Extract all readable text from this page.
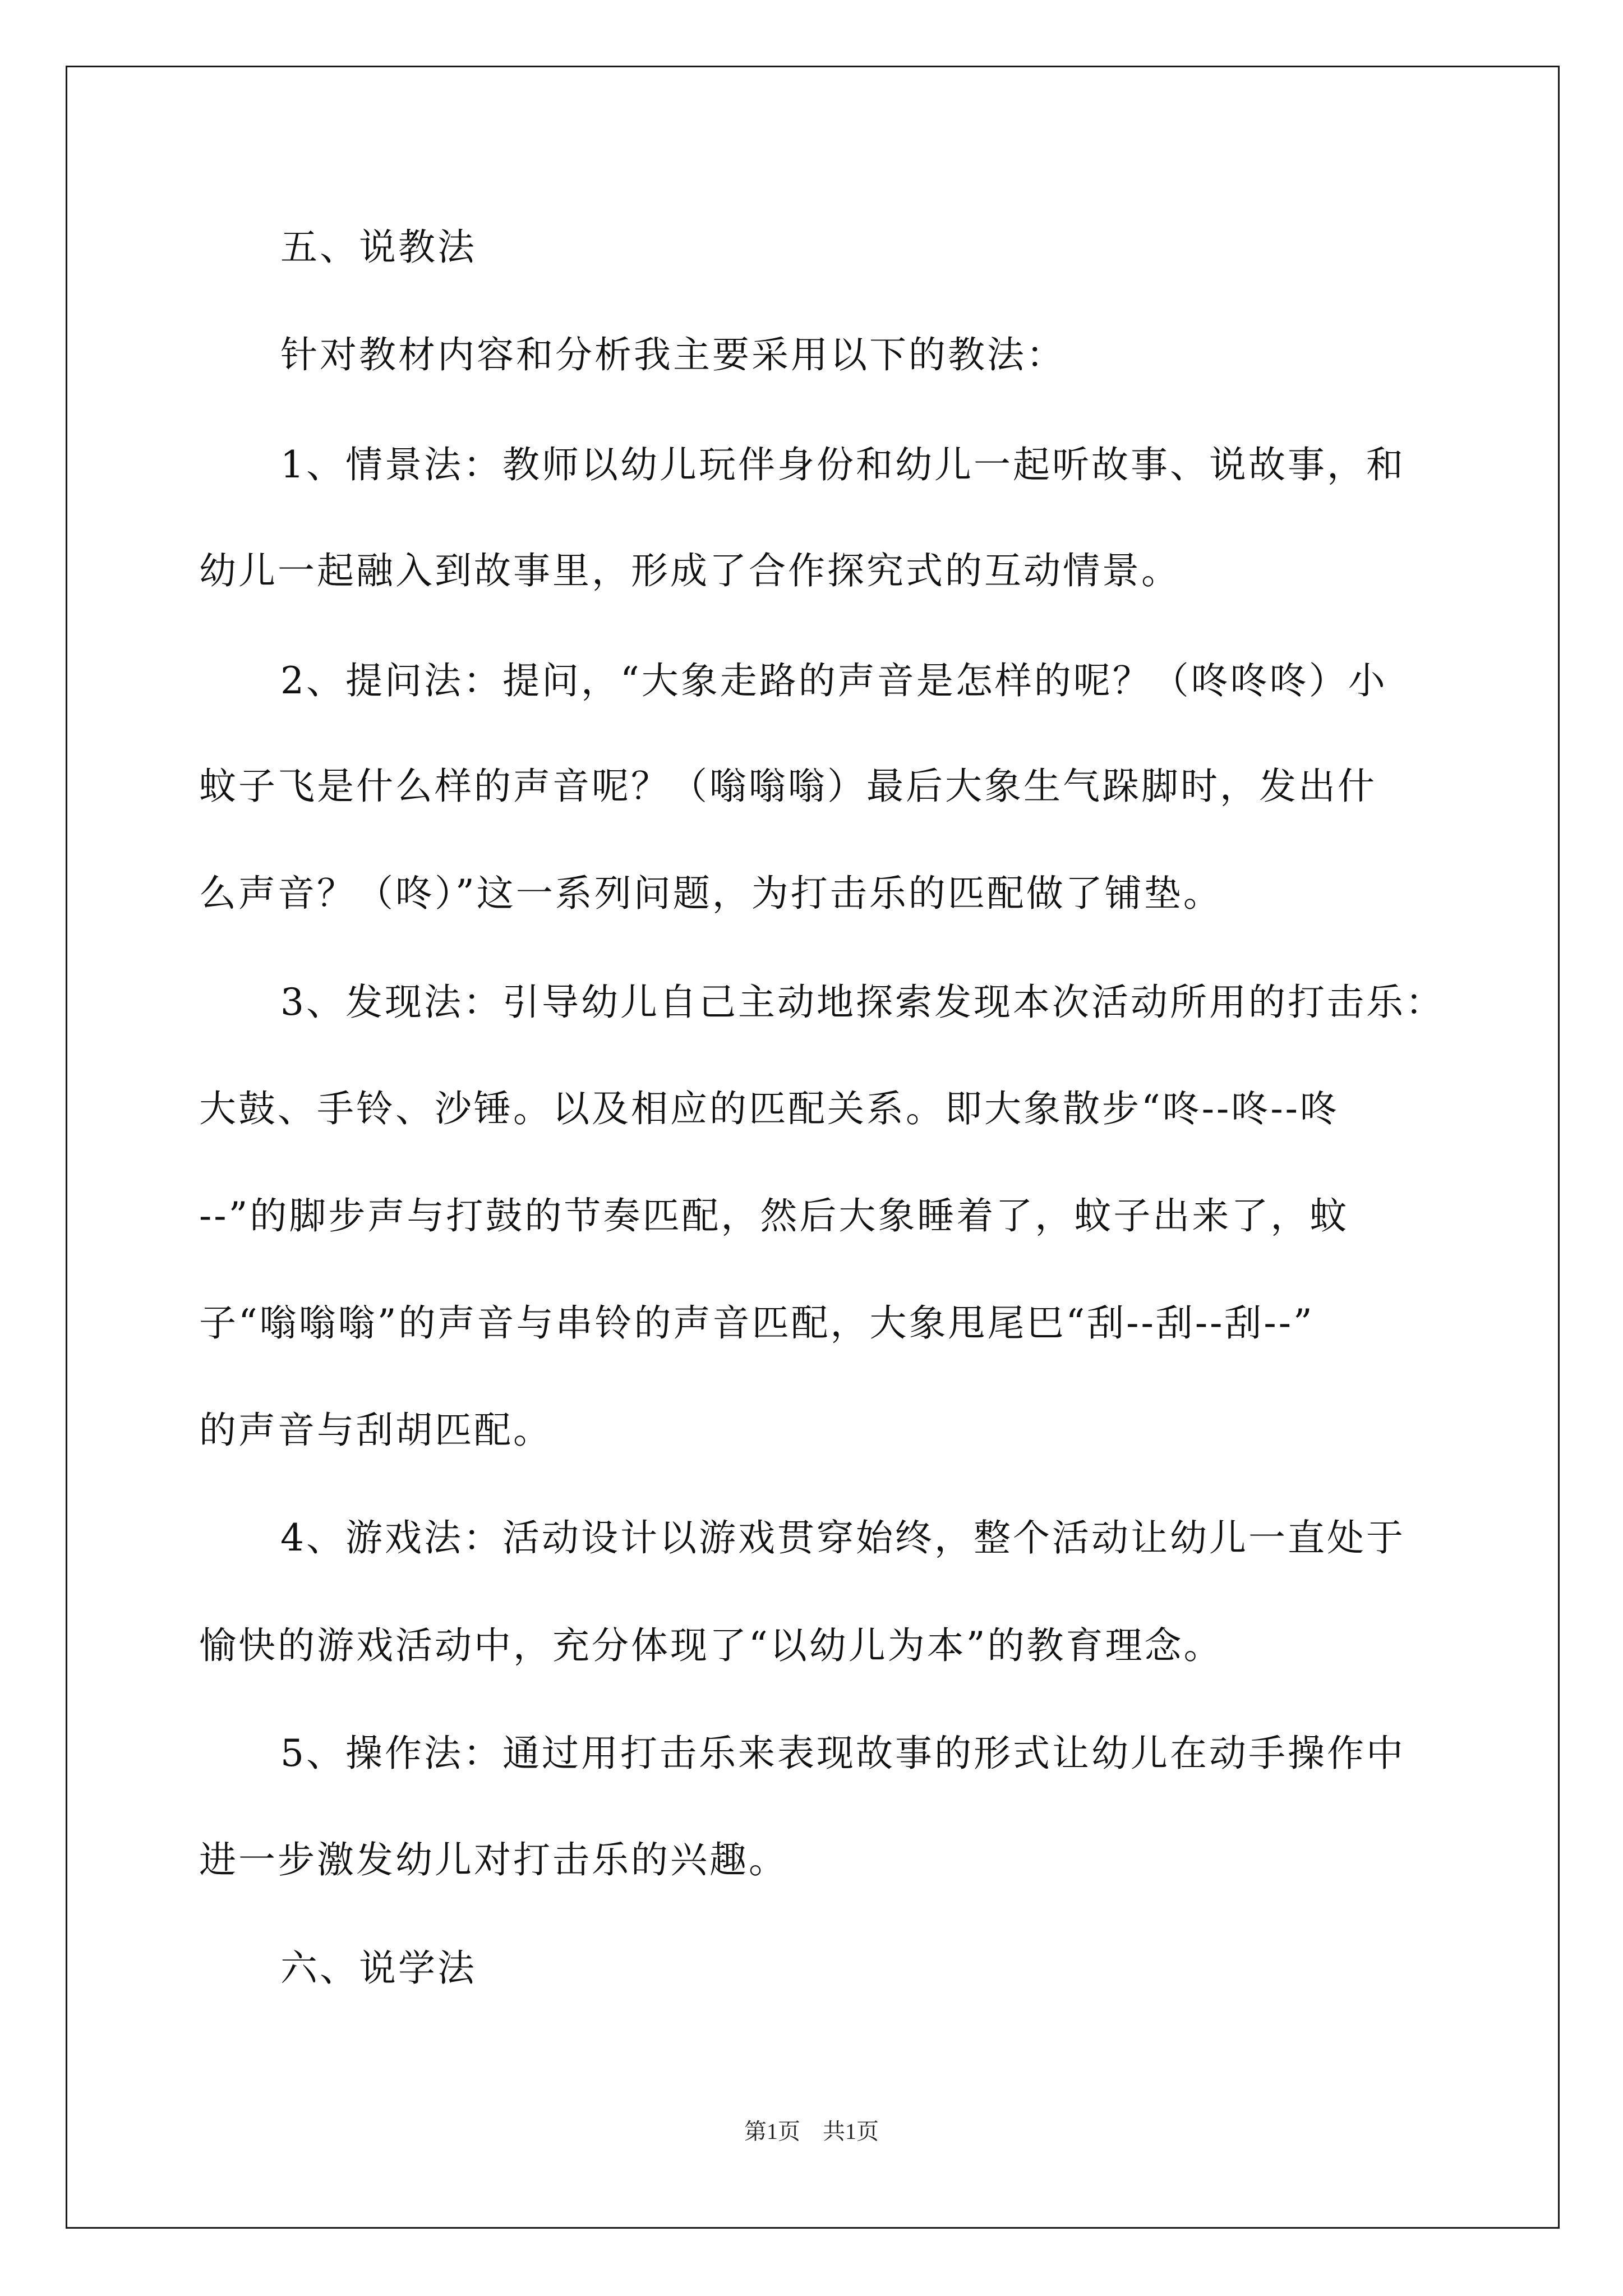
五、说教法
针对教材内容和分析我主要采用以下的教法：
1、情景法：教师以幼儿玩伴身份和幼儿一起听故事、说故事，和
幼儿一起融入到故事里，形成了合作探究式的互动情景。
2、提问法：提问，“大象走路的声音是怎样的呢？（咚咚咚）小
蚊子飞是什么样的声音呢？（嗡嗡嗡）最后大象生气跺脚时，发出什
么声音？（咚）”这一系列问题，为打击乐的匹配做了铺垫。
3、发现法：引导幼儿自己主动地探索发现本次活动所用的打击乐：
大鼓、手铃、沙锤。以及相应的匹配关系。即大象散步“咚--咚--咚
--”的脚步声与打鼓的节奏匹配，然后大象睡着了，蚊子出来了，蚊
子“嗡嗡嗡”的声音与串铃的声音匹配，大象甩尾巴“刮--刮--刮--”
的声音与刮胡匹配。
4、游戏法：活动设计以游戏贯穿始终，整个活动让幼儿一直处于
愉快的游戏活动中，充分体现了“以幼儿为本”的教育理念。
5、操作法：通过用打击乐来表现故事的形式让幼儿在动手操作中
进一步激发幼儿对打击乐的兴趣。
六、说学法
第1页　共1页
